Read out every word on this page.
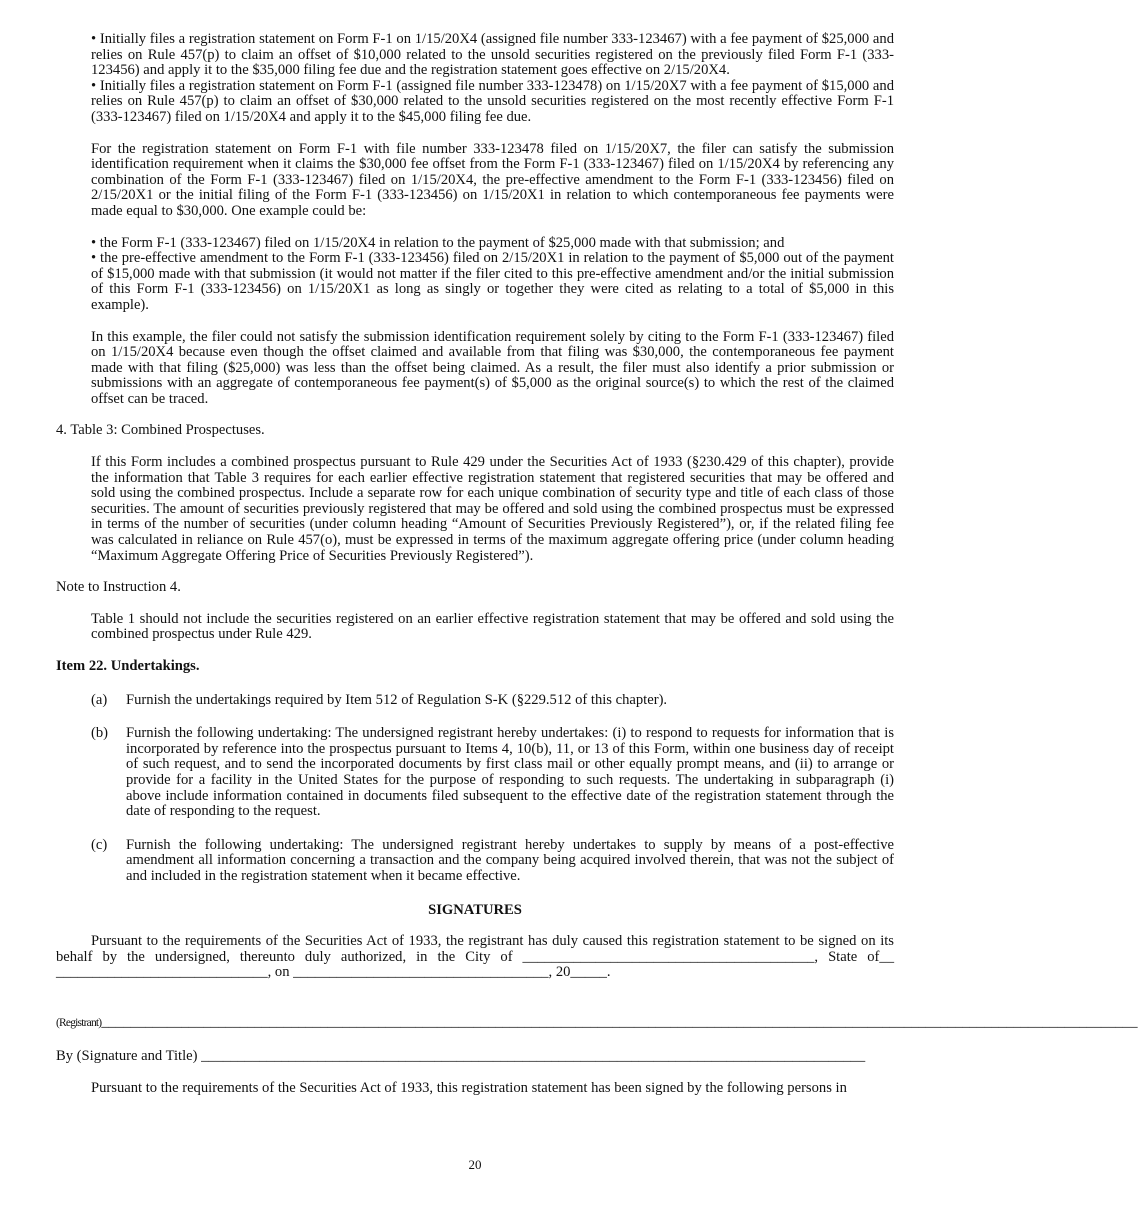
• Initially files a registration statement on Form F-1 on 1/15/20X4 (assigned file number 333-123467) with a fee payment of $25,000 and relies on Rule 457(p) to claim an offset of $10,000 related to the unsold securities registered on the previously filed Form F-1 (333-123456) and apply it to the $35,000 filing fee due and the registration statement goes effective on 2/15/20X4.

• Initially files a registration statement on Form F-1 (assigned file number 333-123478) on 1/15/20X7 with a fee payment of $15,000 and relies on Rule 457(p) to claim an offset of $30,000 related to the unsold securities registered on the most recently effective Form F-1 (333-123467) filed on 1/15/20X4 and apply it to the $45,000 filing fee due.

For the registration statement on Form F-1 with file number 333-123478 filed on 1/15/20X7, the filer can satisfy the submission identification requirement when it claims the $30,000 fee offset from the Form F-1 (333-123467) filed on 1/15/20X4 by referencing any combination of the Form F-1 (333-123467) filed on 1/15/20X4, the pre-effective amendment to the Form F-1 (333-123456) filed on 2/15/20X1 or the initial filing of the Form F-1 (333-123456) on 1/15/20X1 in relation to which contemporaneous fee payments were made equal to $30,000. One example could be:

• the Form F-1 (333-123467) filed on 1/15/20X4 in relation to the payment of $25,000 made with that submission; and

• the pre-effective amendment to the Form F-1 (333-123456) filed on 2/15/20X1 in relation to the payment of $5,000 out of the payment of $15,000 made with that submission (it would not matter if the filer cited to this pre-effective amendment and/or the initial submission of this Form F-1 (333-123456) on 1/15/20X1 as long as singly or together they were cited as relating to a total of $5,000 in this example).

In this example, the filer could not satisfy the submission identification requirement solely by citing to the Form F-1 (333-123467) filed on 1/15/20X4 because even though the offset claimed and available from that filing was $30,000, the contemporaneous fee payment made with that filing ($25,000) was less than the offset being claimed. As a result, the filer must also identify a prior submission or submissions with an aggregate of contemporaneous fee payment(s) of $5,000 as the original source(s) to which the rest of the claimed offset can be traced.

4. Table 3: Combined Prospectuses.

If this Form includes a combined prospectus pursuant to Rule 429 under the Securities Act of 1933 (§230.429 of this chapter), provide the information that Table 3 requires for each earlier effective registration statement that registered securities that may be offered and sold using the combined prospectus. Include a separate row for each unique combination of security type and title of each class of those securities. The amount of securities previously registered that may be offered and sold using the combined prospectus must be expressed in terms of the number of securities (under column heading “Amount of Securities Previously Registered”), or, if the related filing fee was calculated in reliance on Rule 457(o), must be expressed in terms of the maximum aggregate offering price (under column heading “Maximum Aggregate Offering Price of Securities Previously Registered”).

Note to Instruction 4.

Table 1 should not include the securities registered on an earlier effective registration statement that may be offered and sold using the combined prospectus under Rule 429.

Item 22. Undertakings.

(a)	Furnish the undertakings required by Item 512 of Regulation S-K (§229.512 of this chapter).
(b)	Furnish the following undertaking: The undersigned registrant hereby undertakes: (i) to respond to requests for information that is incorporated by reference into the prospectus pursuant to Items 4, 10(b), 11, or 13 of this Form, within one business day of receipt of such request, and to send the incorporated documents by first class mail or other equally prompt means, and (ii) to arrange or provide for a facility in the United States for the purpose of responding to such requests. The undertaking in subparagraph (i) above include information contained in documents filed subsequent to the effective date of the registration statement through the date of responding to the request.
(c)	Furnish the following undertaking: The undersigned registrant hereby undertakes to supply by means of a post-effective amendment all information concerning a transaction and the company being acquired involved therein, that was not the subject of and included in the registration statement when it became effective.

SIGNATURES

Pursuant to the requirements of the Securities Act of 1933, the registrant has duly caused this registration statement to be signed on its behalf by the undersigned, thereunto duly authorized, in the City of ________________________________________, State of__ _____________________________, on ___________________________________, 20_____.

(Registrant) ______________________________________________________________________________________________________________________________________________
By (Signature and Title) ___________________________________________________________________________________________

Pursuant to the requirements of the Securities Act of 1933, this registration statement has been signed by the following persons in

20
